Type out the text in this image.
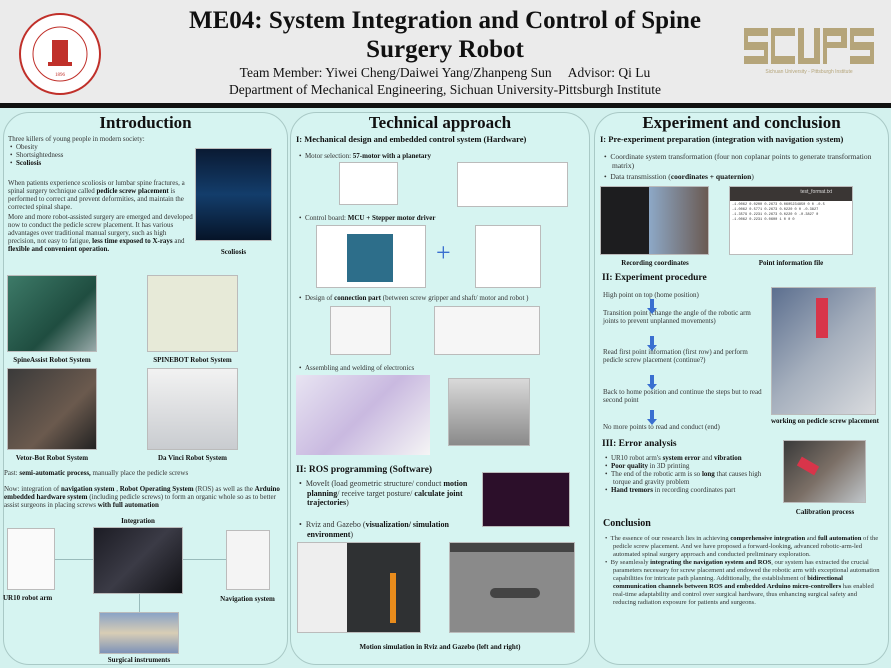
1896
ME04: System Integration and Control of Spine
Surgery Robot
Team Member: Yiwei Cheng/Daiwei Yang/Zhanpeng Sun     Advisor: Qi Lu
Department of Mechanical Engineering, Sichuan University-Pittsburgh Institute
Sichuan University - Pittsburgh Institute
Introduction
Three killers of young people in modern society:
•  Obesity
•  Shortsightedness
•  Scoliosis
When patients experience scoliosis or lumbar spine fractures, a spinal surgery technique called pedicle screw placement is performed to correct and prevent deformities, and maintain the corrected spinal shape.
More and more robot-assisted surgery are emerged and developed now to conduct the pedicle screw placement. It has various advantages over traditional manual surgery, such as high precision, not easy to fatigue, less time exposed to X-rays and flexible and convenient operation.	Scoliosis
SpineAssist Robot System	SPINEBOT Robot System
Vetor-Bot Robot System	Da Vinci Robot System
Past: semi-automatic process, manually place the pedicle screws
Now: integration of navigation system , Robot Operating System (ROS) as well as the Arduino embedded hardware system (including pedicle screws) to form an organic whole so as to better assist surgeons in placing screws with full automation
Integration
UR10 robot arm	Navigation system
Surgical instruments
Technical approach
I: Mechanical design and embedded control system (Hardware)
•  Motor selection: 57-motor with a planetary
•  Control board: MCU + Stepper motor driver
+
•  Design of connection part (between screw gripper and shaft/ motor and robot )
•  Assembling and welding of electronics
II: ROS programming (Software)
•  MoveIt (load geometric structure/ conduct motion planning/ receive target posture/ calculate joint trajectories)
•  Rviz and Gazebo (visualization/ simulation environment)
Motion simulation in Rviz and Gazebo (left and right)
Experiment and conclusion
I: Pre-experiment preparation (integration with navigation system)
•  Coordinate system transformation (four non coplanar points to generate transformation matrix)
•  Data transmisstion (coordinates + quaternion)
Recording coordinates
test_format.txt
-1.0062 0.0200 0.2673 0.0605234850 0 0 -0.5
-1.0062 0.5771 0.2673 0.0220 0 0 -0.3827
-1.3579 0.2231 0.2673 0.0220 0 -0.3827 0
-1.0062 0.2231 0.0600 1 0 0 0
Point information file
II: Experiment procedure
High point on top (home position)
Transition point (change the angle of the robotic arm joints to prevent unplanned movements)
Read first point information (first row) and perform pedicle screw placement (continue?)
Back to home position and continue the steps but to read second point
No more points to read and conduct (end)
working on pedicle screw placement
III: Error analysis
•  UR10 robot arm's system error and vibration
•  Poor quality in 3D printing
•  The end of the robotic arm is so long that causes high torque and gravity problem
•  Hand tremors in recording coordinates part
Calibration process
Conclusion
•  The essence of our research lies in achieving comprehensive integration and full automation of the pedicle screw placement. And we have proposed a forward-looking, advanced robotic-arm-led automated spinal surgery approach and conducted preliminary exploration.
•  By seamlessly integrating the navigation system and ROS, our system has extracted the crucial parameters necessary for screw placement and endowed the robotic arm with exceptional automation capabilities for intricate path planning. Additionally, the establishment of bidirectional communication channels between ROS and embedded Arduino micro-controllers has enabled real-time adaptability and control over surgical hardware, thus enhancing surgical safety and reducing radiation exposure for patients and surgeons.
